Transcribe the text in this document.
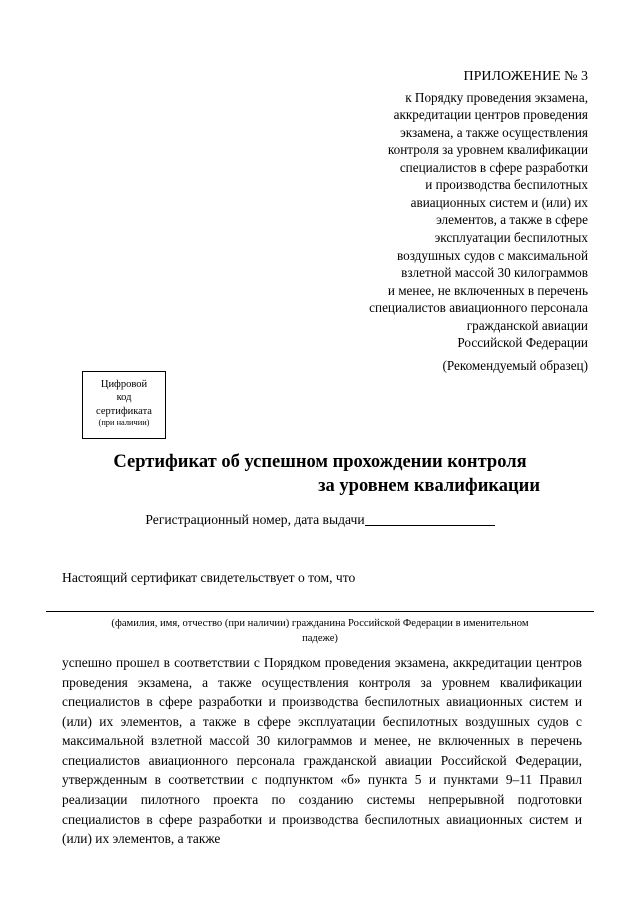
ПРИЛОЖЕНИЕ № 3
к Порядку проведения экзамена,
аккредитации центров проведения
экзамена, а также осуществления
контроля за уровнем квалификации
специалистов в сфере разработки
и производства беспилотных
авиационных систем и (или) их
элементов, а также в сфере
эксплуатации беспилотных
воздушных судов с максимальной
взлетной массой 30 килограммов
и менее, не включенных в перечень
специалистов авиационного персонала
гражданской авиации
Российской Федерации
(Рекомендуемый образец)
Цифровой
код
сертификата
(при наличии)
Сертификат об успешном прохождении контроля
за уровнем квалификации
Регистрационный номер, дата выдачи
Настоящий сертификат свидетельствует о том, что
(фамилия, имя, отчество (при наличии) гражданина Российской Федерации в именительном
падеже)
успешно прошел в соответствии с Порядком проведения экзамена, аккредитации центров проведения экзамена, а также осуществления контроля за уровнем квалификации специалистов в сфере разработки и производства беспилотных авиационных систем и (или) их элементов, а также в сфере эксплуатации беспилотных воздушных судов с максимальной взлетной массой 30 килограммов и менее, не включенных в перечень специалистов авиационного персонала гражданской авиации Российской Федерации, утвержденным в соответствии с подпунктом «б» пункта 5 и пунктами 9–11 Правил реализации пилотного проекта по созданию системы непрерывной подготовки специалистов в сфере разработки и производства беспилотных авиационных систем и (или) их элементов, а также
